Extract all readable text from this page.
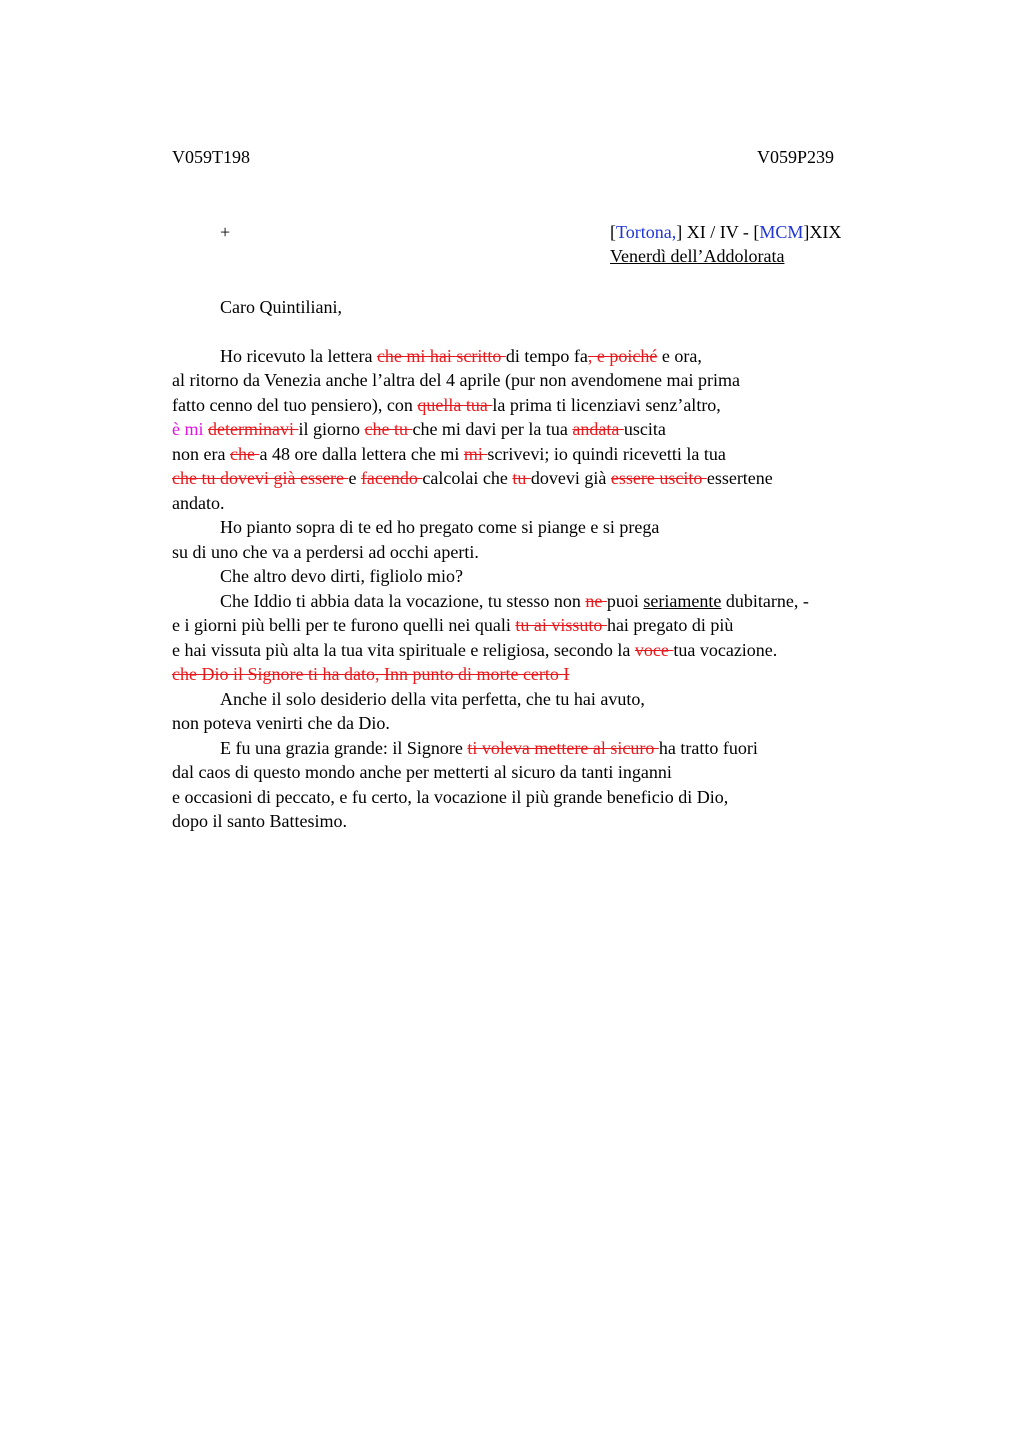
V059T198	V059P239
+	[Tortona,] XI / IV - [MCM]XIX
Venerdì dell’Addolorata
Caro Quintiliani,
Ho ricevuto la lettera che mi hai scritto di tempo fa, e poiché e ora,
al ritorno da Venezia anche l’altra del 4 aprile (pur non avendomene mai prima
fatto cenno del tuo pensiero), con quella tua la prima ti licenziavi senz’altro,
è mi determinavi il giorno che tu che mi davi per la tua andata uscita
non era che a 48 ore dalla lettera che mi mi scrivevi; io quindi ricevetti la tua
che tu dovevi già essere e facendo calcolai che tu dovevi già essere uscito essertene
andato.
Ho pianto sopra di te ed ho pregato come si piange e si prega
su di uno che va a perdersi ad occhi aperti.
Che altro devo dirti, figliolo mio?
Che Iddio ti abbia data la vocazione, tu stesso non ne puoi seriamente dubitarne, -
e i giorni più belli per te furono quelli nei quali tu ai vissuto hai pregato di più
e hai vissuta più alta la tua vita spirituale e religiosa, secondo la voce tua vocazione.
che Dio il Signore ti ha dato, Inn punto di morte certo I
Anche il solo desiderio della vita perfetta, che tu hai avuto,
non poteva venirti che da Dio.
E fu una grazia grande: il Signore ti voleva mettere al sicuro ha tratto fuori
dal caos di questo mondo anche per metterti al sicuro da tanti inganni
e occasioni di peccato, e fu certo, la vocazione il più grande beneficio di Dio,
dopo il santo Battesimo.
